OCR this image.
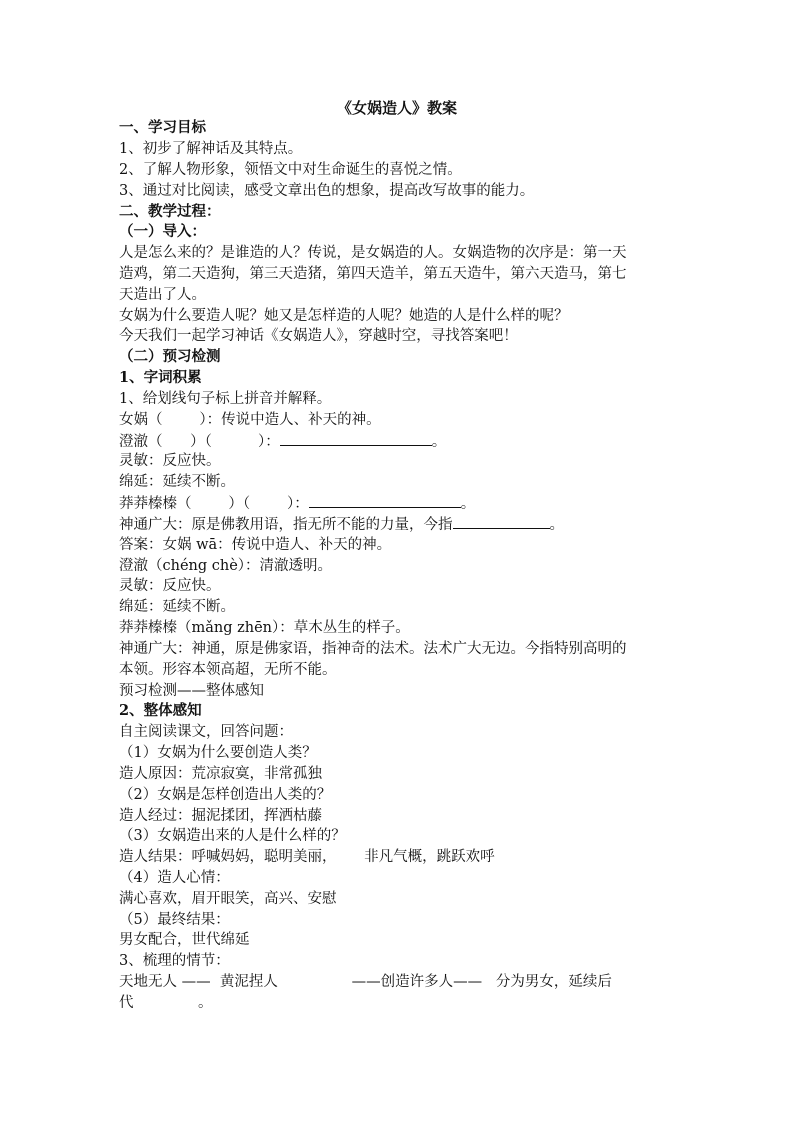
《女娲造人》教案
一、学习目标
1、初步了解神话及其特点。
2、了解人物形象，领悟文中对生命诞生的喜悦之情。
3、通过对比阅读，感受文章出色的想象，提高改写故事的能力。
二、教学过程：
（一）导入：
人是怎么来的？是谁造的人？传说，是女娲造的人。女娲造物的次序是：第一天
造鸡，第二天造狗，第三天造猪，第四天造羊，第五天造牛，第六天造马，第七
天造出了人。
女娲为什么要造人呢？她又是怎样造的人呢？她造的人是什么样的呢？
今天我们一起学习神话《女娲造人》，穿越时空，寻找答案吧！
（二）预习检测
1、字词积累
1、给划线句子标上拼音并解释。
女娲（        ）：传说中造人、补天的神。
澄澈（      ）（          ）：	。
灵敏：反应快。
绵延：延续不断。
莽莽榛榛（        ）（        ）：	。
神通广大：原是佛教用语，指无所不能的力量，今指	。
答案：女娲 wā：传说中造人、补天的神。
澄澈（chéng chè）：清澈透明。
灵敏：反应快。
绵延：延续不断。
莽莽榛榛（mǎng zhēn）：草木丛生的样子。
神通广大：神通，原是佛家语，指神奇的法术。法术广大无边。今指特别高明的
本领。形容本领高超，无所不能。
预习检测——整体感知
2、整体感知
自主阅读课文，回答问题：
（1）女娲为什么要创造人类？
造人原因：荒凉寂寞，非常孤独
（2）女娲是怎样创造出人类的？
造人经过：掘泥揉团，挥洒枯藤
（3）女娲造出来的人是什么样的？
造人结果：呼喊妈妈，聪明美丽，      非凡气概，跳跃欢呼
（4）造人心情：
满心喜欢，眉开眼笑，高兴、安慰
（5）最终结果：
男女配合，世代绵延
3、梳理的情节：
天地无人 ——  黄泥捏人                ——创造许多人——   分为男女，延续后
代              。
